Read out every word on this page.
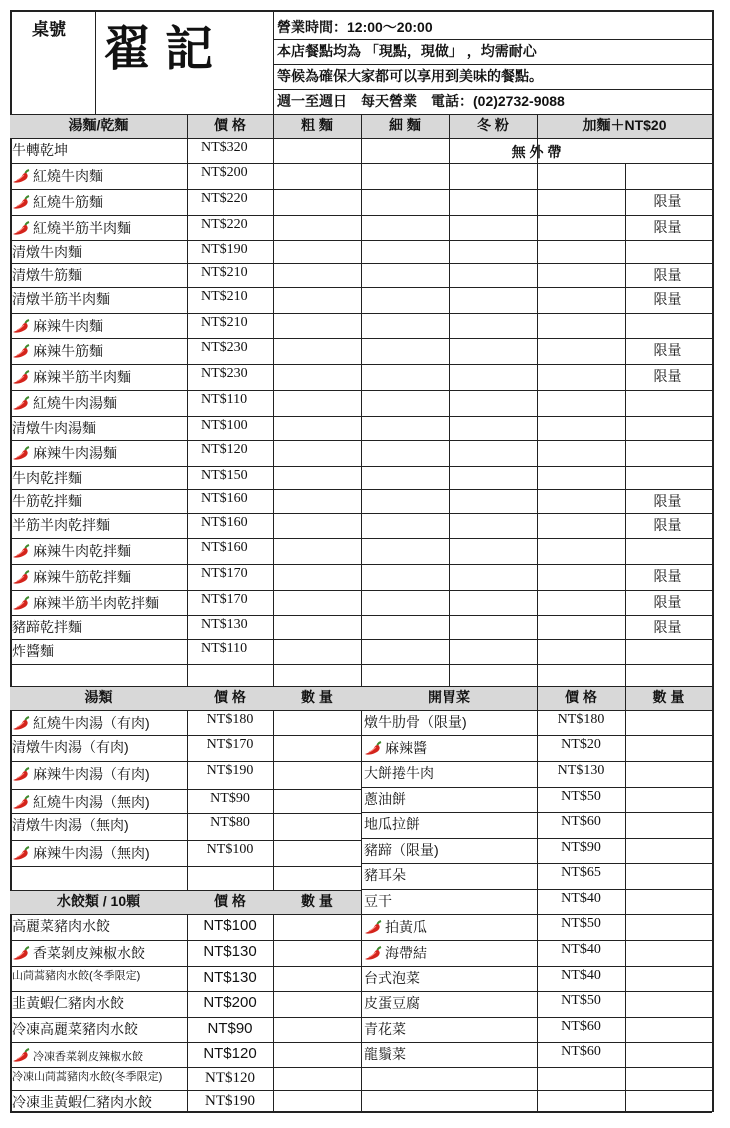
桌號 翟記	營業時間：12:00～20:00
本店餐點均為 「現點，現做」 ，均需耐心
等候為確保大家都可以享用到美味的餐點。
週一至週日　每天營業　電話：(02)2732-9088
湯麵/乾麵	價 格	粗 麵	細 麵	冬 粉	加麵＋NT$20
無 外 帶
牛轉乾坤	NT$320
紅燒牛肉麵	NT$200
紅燒牛筋麵	NT$220	限量
紅燒半筋半肉麵	NT$220	限量
清燉牛肉麵	NT$190
清燉牛筋麵	NT$210	限量
清燉半筋半肉麵	NT$210	限量
麻辣牛肉麵	NT$210
麻辣牛筋麵	NT$230	限量
麻辣半筋半肉麵	NT$230	限量
紅燒牛肉湯麵	NT$110
清燉牛肉湯麵	NT$100
麻辣牛肉湯麵	NT$120
牛肉乾拌麵	NT$150
牛筋乾拌麵	NT$160	限量
半筋半肉乾拌麵	NT$160	限量
麻辣牛肉乾拌麵	NT$160
麻辣牛筋乾拌麵	NT$170	限量
麻辣半筋半肉乾拌麵	NT$170	限量
豬蹄乾拌麵	NT$130	限量
炸醬麵	NT$110
湯類	價 格	數 量	開胃菜	價 格	數 量
紅燒牛肉湯（有肉)	NT$180
清燉牛肉湯（有肉)	NT$170
麻辣牛肉湯（有肉)	NT$190
紅燒牛肉湯（無肉)	NT$90
清燉牛肉湯（無肉)	NT$80
麻辣牛肉湯（無肉)	NT$100
水餃類 / 10顆	價 格	數 量
高麗菜豬肉水餃	NT$100
香菜剝皮辣椒水餃	NT$130
山茼蒿豬肉水餃(冬季限定)	NT$130
韭黃蝦仁豬肉水餃	NT$200
冷凍高麗菜豬肉水餃	NT$90
冷凍香菜剝皮辣椒水餃	NT$120
冷凍山茼蒿豬肉水餃(冬季限定)	NT$120
冷凍韭黃蝦仁豬肉水餃	NT$190
燉牛肋骨（限量)	NT$180
麻辣醬	NT$20
大餅捲牛肉	NT$130
蔥油餅	NT$50
地瓜拉餅	NT$60
豬蹄（限量)	NT$90
豬耳朵	NT$65
豆干	NT$40
拍黃瓜	NT$50
海帶結	NT$40
台式泡菜	NT$40
皮蛋豆腐	NT$50
青花菜	NT$60
龍鬚菜	NT$60
